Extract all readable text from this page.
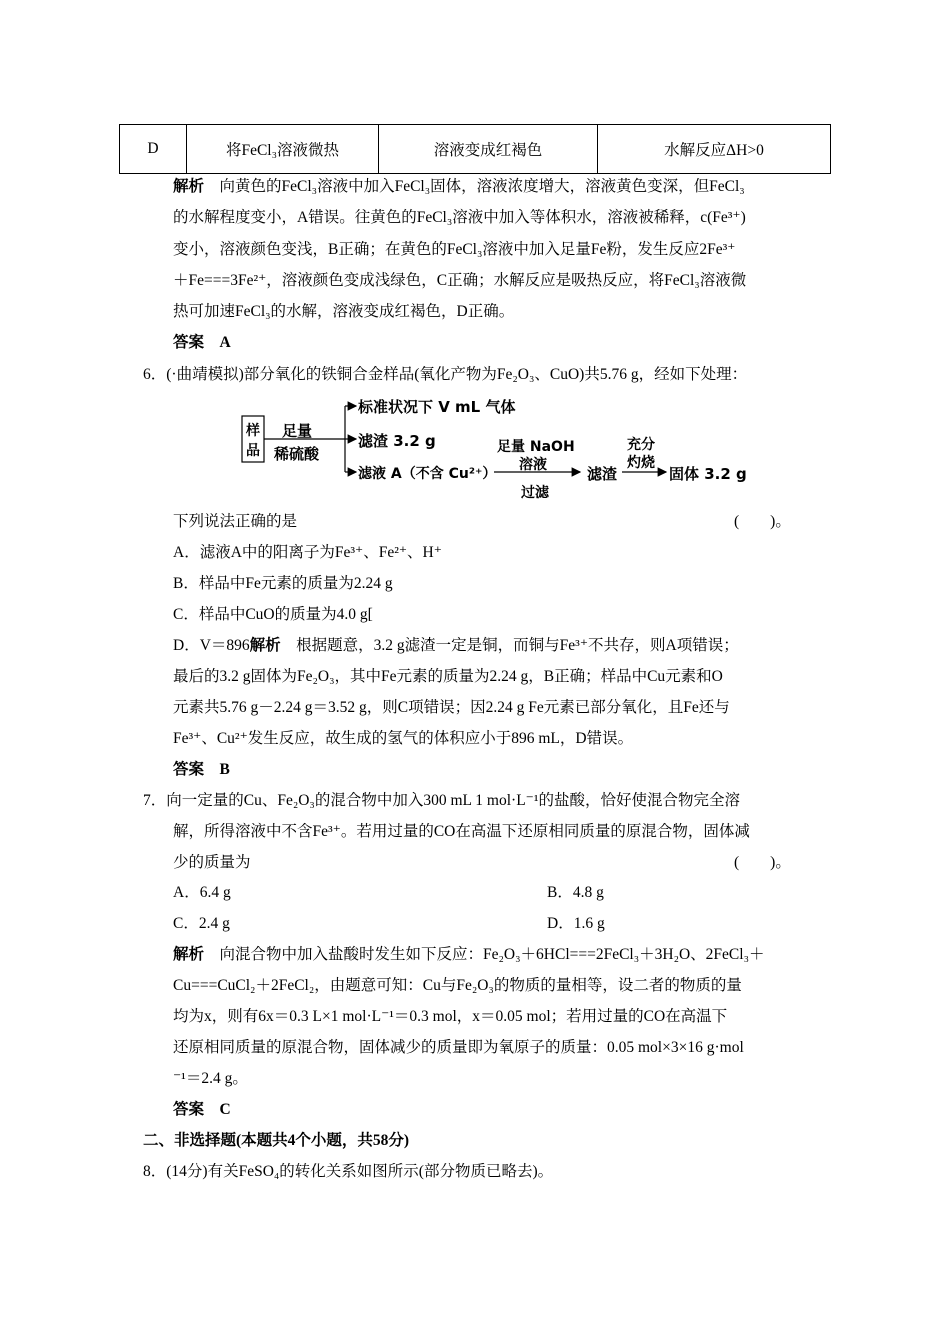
D	将FeCl₃溶液微热	溶液变成红褐色	水解反应ΔH>0
解析　 向黄色的FeCl₃溶液中加入FeCl₃固体，溶液浓度增大，溶液黄色变深，但FeCl₃
的水解程度变小，A错误。往黄色的FeCl₃溶液中加入等体积水，溶液被稀释，c(Fe³⁺)
变小，溶液颜色变浅，B正确；在黄色的FeCl₃溶液中加入足量Fe粉，发生反应2Fe³⁺
＋Fe===3Fe²⁺，溶液颜色变成浅绿色，C正确；水解反应是吸热反应，将FeCl₃溶液微
热可加速FeCl₃的水解，溶液变成红褐色，D正确。
答案　A
6．(·曲靖模拟)部分氧化的铁铜合金样品(氧化产物为Fe₂O₃、CuO)共5.76 g，经如下处理：
样
品
足量
稀硫酸
标准状况下 V mL 气体
滤渣 3.2 g
滤液 A（不含 Cu²⁺）
足量 NaOH
溶液
过滤
滤渣
充分
灼烧
固体 3.2 g
下列说法正确的是	(　　)。
A．滤液A中的阳离子为Fe³⁺、Fe²⁺、H⁺
B．样品中Fe元素的质量为2.24 g
C．样品中CuO的质量为4.0 g[
D．V＝896解析　 根据题意，3.2 g滤渣一定是铜，而铜与Fe³⁺不共存，则A项错误；
最后的3.2 g固体为Fe₂O₃，其中Fe元素的质量为2.24 g，B正确；样品中Cu元素和O
元素共5.76 g－2.24 g＝3.52 g，则C项错误；因2.24 g Fe元素已部分氧化，且Fe还与
Fe³⁺、Cu²⁺发生反应，故生成的氢气的体积应小于896 mL，D错误。
答案　B
7．向一定量的Cu、Fe₂O₃的混合物中加入300 mL 1 mol·L⁻¹的盐酸，恰好使混合物完全溶
解，所得溶液中不含Fe³⁺。若用过量的CO在高温下还原相同质量的原混合物，固体减
少的质量为	(　　)。
A．6.4 g	B．4.8 g
C．2.4 g	D．1.6 g
解析　 向混合物中加入盐酸时发生如下反应：Fe₂O₃＋6HCl===2FeCl₃＋3H₂O、2FeCl₃＋
Cu===CuCl₂＋2FeCl₂，由题意可知：Cu与Fe₂O₃的物质的量相等，设二者的物质的量
均为x，则有6x＝0.3 L×1 mol·L⁻¹＝0.3 mol，x＝0.05 mol；若用过量的CO在高温下
还原相同质量的原混合物，固体减少的质量即为氧原子的质量：0.05 mol×3×16 g·mol
⁻¹＝2.4 g。
答案　C
二、非选择题(本题共4个小题，共58分)
8．(14分)有关FeSO₄的转化关系如图所示(部分物质已略去)。
